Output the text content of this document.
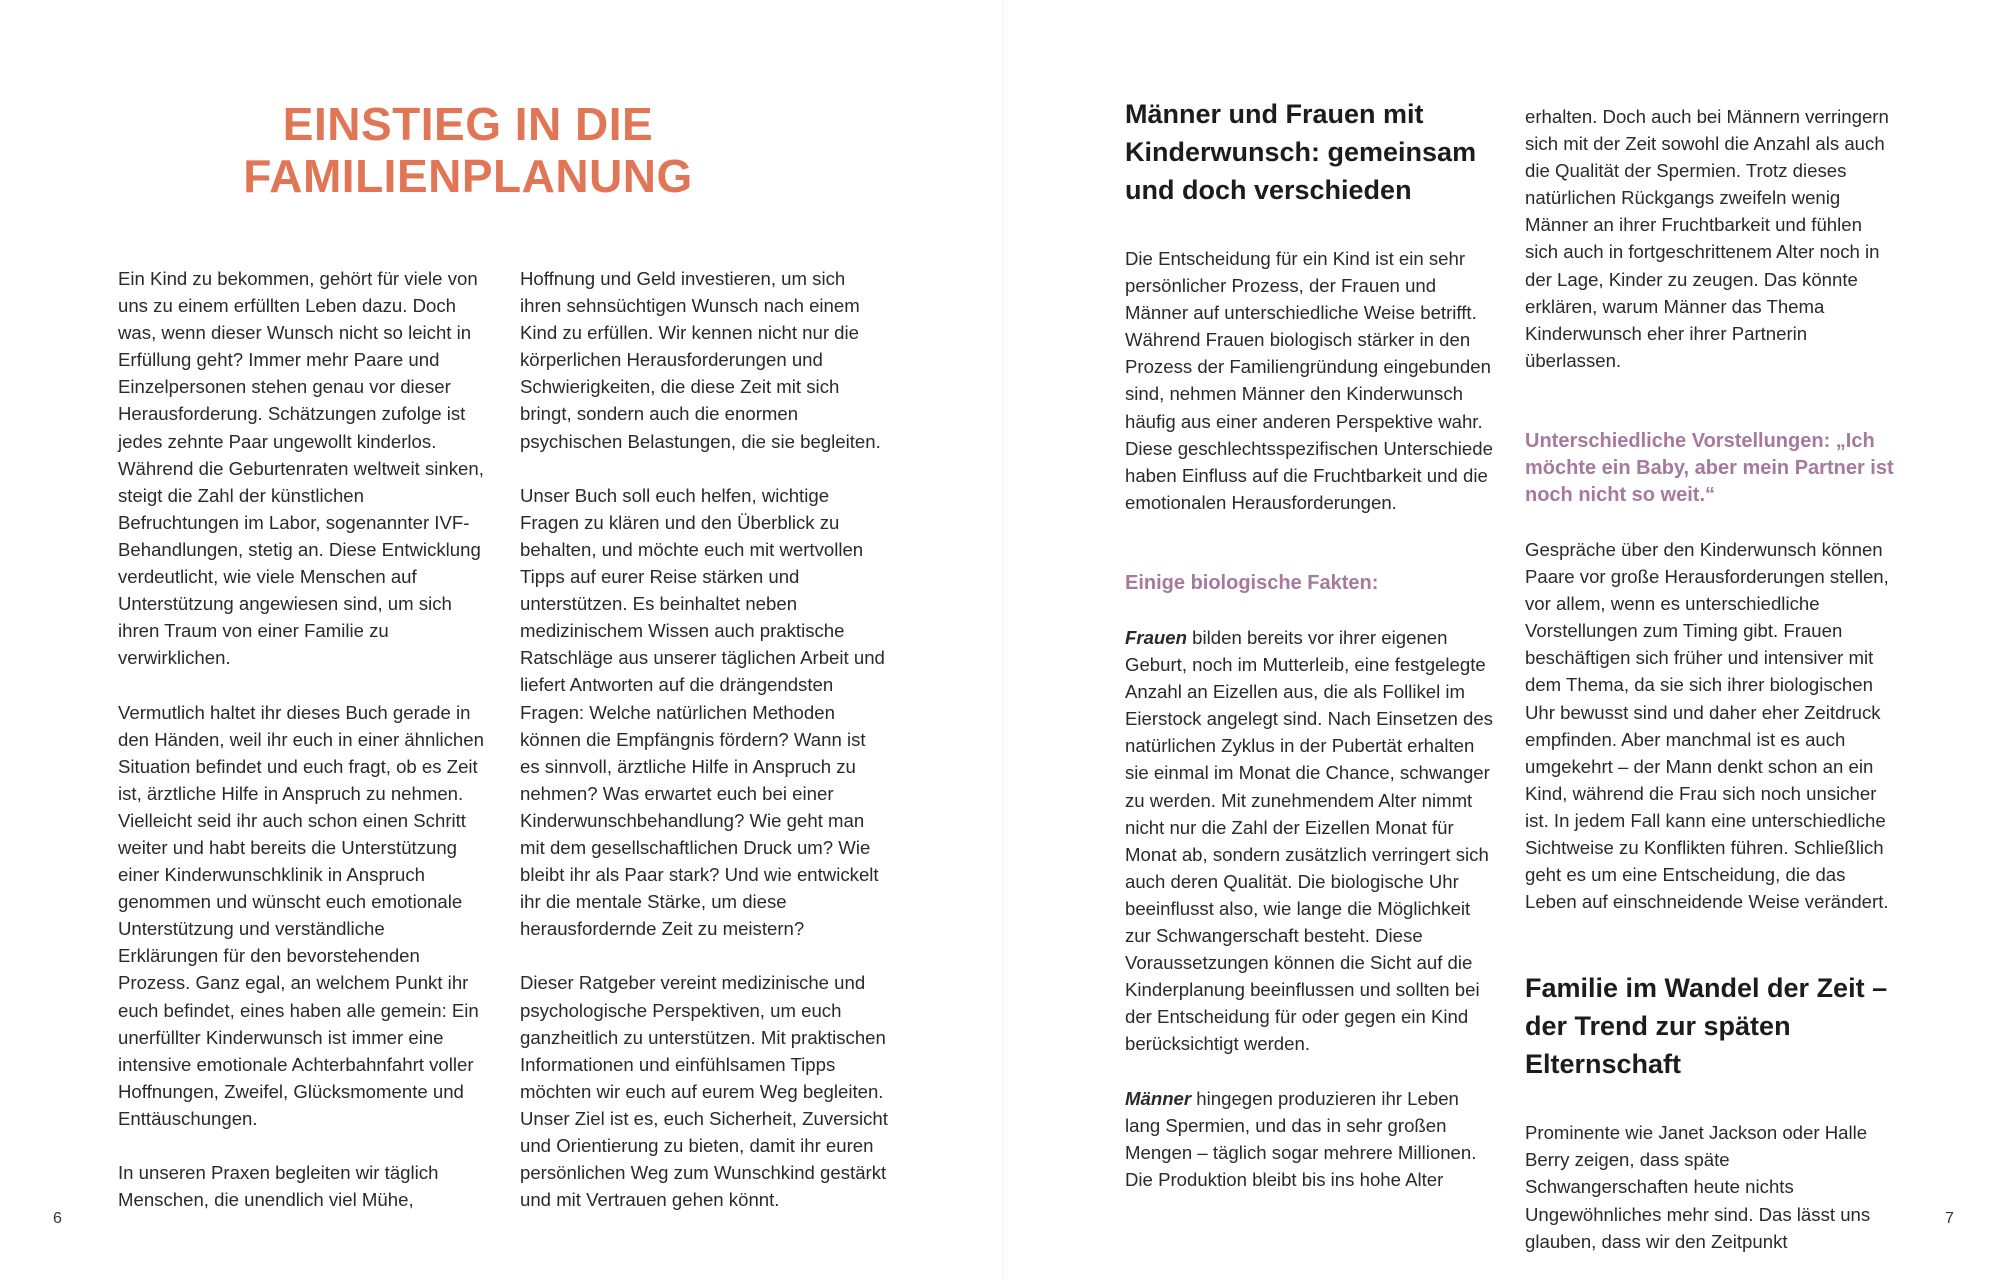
EINSTIEG IN DIE
FAMILIENPLANUNG

Ein Kind zu bekommen, gehört für viele von uns zu einem erfüllten Leben dazu. Doch was, wenn dieser Wunsch nicht so leicht in Erfüllung geht? Immer mehr Paare und Einzelpersonen stehen genau vor dieser Herausforderung. Schätzungen zufolge ist jedes zehnte Paar ungewollt kinderlos. Während die Geburtenraten weltweit sinken, steigt die Zahl der künstlichen Befruchtungen im Labor, sogenannter IVF-Behandlungen, stetig an. Diese Entwicklung verdeutlicht, wie viele Menschen auf Unterstützung angewiesen sind, um sich ihren Traum von einer Familie zu verwirklichen.

Vermutlich haltet ihr dieses Buch gerade in den Händen, weil ihr euch in einer ähnlichen Situation befindet und euch fragt, ob es Zeit ist, ärztliche Hilfe in Anspruch zu nehmen. Vielleicht seid ihr auch schon einen Schritt weiter und habt bereits die Unterstützung einer Kinderwunschklinik in Anspruch genommen und wünscht euch emotionale Unterstützung und verständliche Erklärungen für den bevorstehenden Prozess. Ganz egal, an welchem Punkt ihr euch befindet, eines haben alle gemein: Ein unerfüllter Kinderwunsch ist immer eine intensive emotionale Achterbahnfahrt voller Hoffnungen, Zweifel, Glücksmomente und Enttäuschungen.

In unseren Praxen begleiten wir täglich Menschen, die unendlich viel Mühe,

Hoffnung und Geld investieren, um sich ihren sehnsüchtigen Wunsch nach einem Kind zu erfüllen. Wir kennen nicht nur die körperlichen Herausforderungen und Schwierigkeiten, die diese Zeit mit sich bringt, sondern auch die enormen psychischen Belastungen, die sie begleiten.

Unser Buch soll euch helfen, wichtige Fragen zu klären und den Überblick zu behalten, und möchte euch mit wertvollen Tipps auf eurer Reise stärken und unterstützen. Es beinhaltet neben medizinischem Wissen auch praktische Ratschläge aus unserer täglichen Arbeit und liefert Antworten auf die drängendsten Fragen: Welche natürlichen Methoden können die Empfängnis fördern? Wann ist es sinnvoll, ärztliche Hilfe in Anspruch zu nehmen? Was erwartet euch bei einer Kinderwunschbehandlung? Wie geht man mit dem gesellschaftlichen Druck um? Wie bleibt ihr als Paar stark? Und wie entwickelt ihr die mentale Stärke, um diese herausfordernde Zeit zu meistern?

Dieser Ratgeber vereint medizinische und psychologische Perspektiven, um euch ganzheitlich zu unterstützen. Mit praktischen Informationen und einfühlsamen Tipps möchten wir euch auf eurem Weg begleiten. Unser Ziel ist es, euch Sicherheit, Zuversicht und Orientierung zu bieten, damit ihr euren persönlichen Weg zum Wunschkind gestärkt und mit Vertrauen gehen könnt.

6
Männer und Frauen mit Kinderwunsch: gemeinsam und doch verschieden

Die Entscheidung für ein Kind ist ein sehr persönlicher Prozess, der Frauen und Männer auf unterschiedliche Weise betrifft. Während Frauen biologisch stärker in den Prozess der Familiengründung eingebunden sind, nehmen Männer den Kinderwunsch häufig aus einer anderen Perspektive wahr. Diese geschlechtsspezifischen Unterschiede haben Einfluss auf die Fruchtbarkeit und die emotionalen Herausforderungen.

Einige biologische Fakten:

Frauen bilden bereits vor ihrer eigenen Geburt, noch im Mutterleib, eine festgelegte Anzahl an Eizellen aus, die als Follikel im Eierstock angelegt sind. Nach Einsetzen des natürlichen Zyklus in der Pubertät erhalten sie einmal im Monat die Chance, schwanger zu werden. Mit zunehmendem Alter nimmt nicht nur die Zahl der Eizellen Monat für Monat ab, sondern zusätzlich verringert sich auch deren Qualität. Die biologische Uhr beeinflusst also, wie lange die Möglichkeit zur Schwangerschaft besteht. Diese Voraussetzungen können die Sicht auf die Kinderplanung beeinflussen und sollten bei der Entscheidung für oder gegen ein Kind berücksichtigt werden.

Männer hingegen produzieren ihr Leben lang Spermien, und das in sehr großen Mengen – täglich sogar mehrere Millionen. Die Produktion bleibt bis ins hohe Alter

erhalten. Doch auch bei Männern verringern sich mit der Zeit sowohl die Anzahl als auch die Qualität der Spermien. Trotz dieses natürlichen Rückgangs zweifeln wenig Männer an ihrer Fruchtbarkeit und fühlen sich auch in fortgeschrittenem Alter noch in der Lage, Kinder zu zeugen. Das könnte erklären, warum Männer das Thema Kinderwunsch eher ihrer Partnerin überlassen.

Unterschiedliche Vorstellungen: „Ich möchte ein Baby, aber mein Partner ist noch nicht so weit.“

Gespräche über den Kinderwunsch können Paare vor große Herausforderungen stellen, vor allem, wenn es unterschiedliche Vorstellungen zum Timing gibt. Frauen beschäftigen sich früher und intensiver mit dem Thema, da sie sich ihrer biologischen Uhr bewusst sind und daher eher Zeitdruck empfinden. Aber manchmal ist es auch umgekehrt – der Mann denkt schon an ein Kind, während die Frau sich noch unsicher ist. In jedem Fall kann eine unterschiedliche Sichtweise zu Konflikten führen. Schließlich geht es um eine Entscheidung, die das Leben auf einschneidende Weise verändert.

Familie im Wandel der Zeit – der Trend zur späten Elternschaft

Prominente wie Janet Jackson oder Halle Berry zeigen, dass späte Schwangerschaften heute nichts Ungewöhnliches mehr sind. Das lässt uns glauben, dass wir den Zeitpunkt

7
